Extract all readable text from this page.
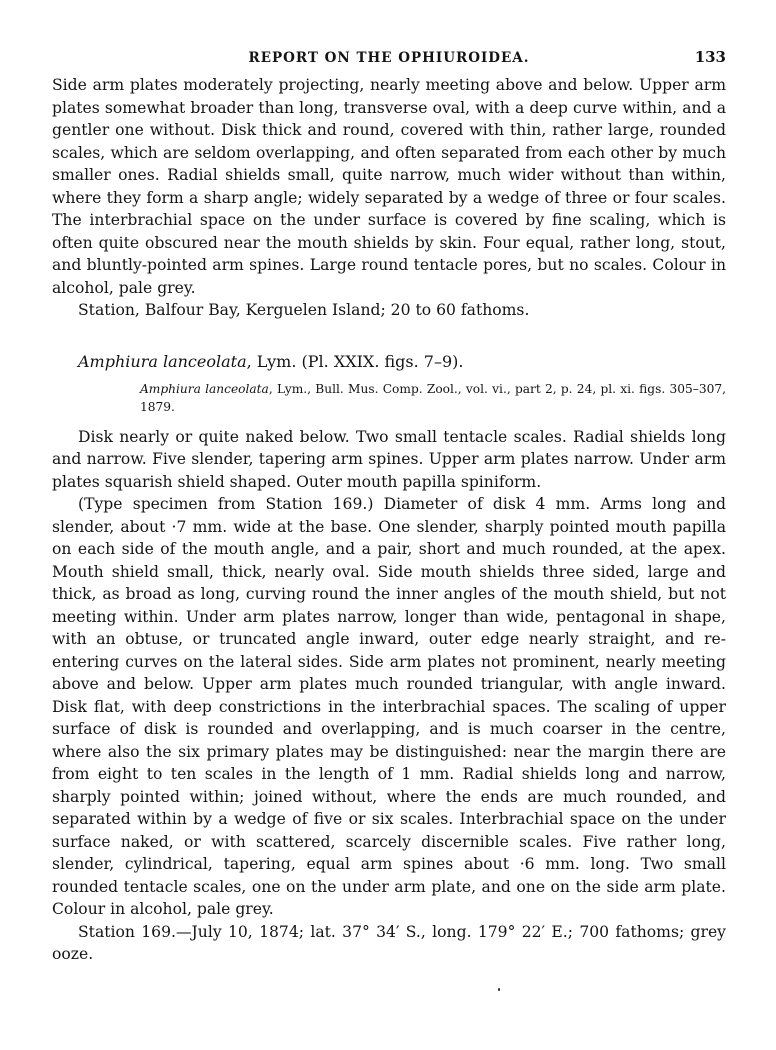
REPORT ON THE OPHIUROIDEA.	133

Side arm plates moderately projecting, nearly meeting above and below. Upper arm plates somewhat broader than long, transverse oval, with a deep curve within, and a gentler one without. Disk thick and round, covered with thin, rather large, rounded scales, which are seldom overlapping, and often separated from each other by much smaller ones. Radial shields small, quite narrow, much wider without than within, where they form a sharp angle; widely separated by a wedge of three or four scales. The interbrachial space on the under surface is covered by fine scaling, which is often quite obscured near the mouth shields by skin. Four equal, rather long, stout, and bluntly-pointed arm spines. Large round tentacle pores, but no scales. Colour in alcohol, pale grey.

Station, Balfour Bay, Kerguelen Island; 20 to 60 fathoms.

Amphiura lanceolata, Lym. (Pl. XXIX. figs. 7–9).

Amphiura lanceolata, Lym., Bull. Mus. Comp. Zool., vol. vi., part 2, p. 24, pl. xi. figs. 305–307, 1879.

Disk nearly or quite naked below. Two small tentacle scales. Radial shields long and narrow. Five slender, tapering arm spines. Upper arm plates narrow. Under arm plates squarish shield shaped. Outer mouth papilla spiniform.

(Type specimen from Station 169.) Diameter of disk 4 mm. Arms long and slender, about ·7 mm. wide at the base. One slender, sharply pointed mouth papilla on each side of the mouth angle, and a pair, short and much rounded, at the apex. Mouth shield small, thick, nearly oval. Side mouth shields three sided, large and thick, as broad as long, curving round the inner angles of the mouth shield, but not meeting within. Under arm plates narrow, longer than wide, pentagonal in shape, with an obtuse, or truncated angle inward, outer edge nearly straight, and re-entering curves on the lateral sides. Side arm plates not prominent, nearly meeting above and below. Upper arm plates much rounded triangular, with angle inward. Disk flat, with deep constrictions in the interbrachial spaces. The scaling of upper surface of disk is rounded and overlapping, and is much coarser in the centre, where also the six primary plates may be distinguished: near the margin there are from eight to ten scales in the length of 1 mm. Radial shields long and narrow, sharply pointed within; joined without, where the ends are much rounded, and separated within by a wedge of five or six scales. Interbrachial space on the under surface naked, or with scattered, scarcely discernible scales. Five rather long, slender, cylindrical, tapering, equal arm spines about ·6 mm. long. Two small rounded tentacle scales, one on the under arm plate, and one on the side arm plate. Colour in alcohol, pale grey.

Station 169.—July 10, 1874; lat. 37° 34′ S., long. 179° 22′ E.; 700 fathoms; grey ooze.
